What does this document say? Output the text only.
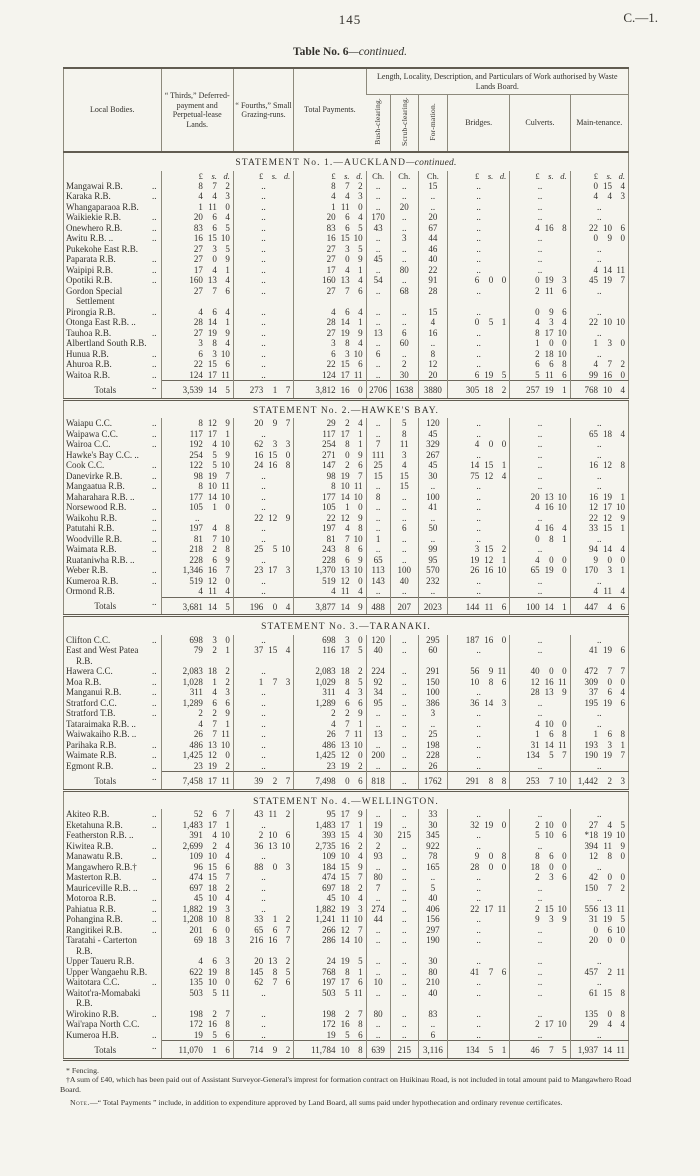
145	C.—1.
Table No. 6—continued.
Local Bodies.	“ Thirds,” Deferred-payment and Perpetual-lease Lands.	“ Fourths,” Small Grazing-runs.	Total Payments.	Length, Locality, Description, and Particulars of Work authorised by Waste Lands Board.					
				Bush-clearing.	Scrub-clearing.	For-mation.	Bridges.	Culverts.	Main-tenance.
STATEMENT No. 1.—AUCKLAND—continued.									

	£ s. d.	£ s. d.	£ s. d.	Ch.	Ch.	Ch.	£ s. d.	£ s. d.	£ s. d.

Mangawai R.B. ..	8 7 2	..	8 7 2	..	..	15	..	..	0 15 4

Karaka R.B. ..	4 4 3	..	4 4 3	..	..	..	..	..	4 4 3

Whangaparaoa R.B.	1 11 0	..	1 11 0	..	20	..	..	..	..

Waikiekie R.B. ..	20 6 4	..	20 6 4	170	..	20	..	..	..

Onewhero R.B. ..	83 6 5	..	83 6 5	43	..	67	..	4 16 8	22 10 6

Awitu R.B. .. ..	16 15 10	..	16 15 10	..	3	44	..	..	0 9 0

Pukekohe East R.B.	27 3 5	..	27 3 5	..	..	46	..	..	..

Paparata R.B. ..	27 0 9	..	27 0 9	45	..	40	..	..	..

Waipipi R.B. ..	17 4 1	..	17 4 1	..	80	22	..	..	4 14 11

Opotiki R.B. ..	160 13 4	..	160 13 4	54	..	91	6 0 0	0 19 3	45 19 7

Gordon Special Settlement	27 7 6	..	27 7 6	..	68	28	..	2 11 6	..

Pirongia R.B. ..	4 6 4	..	4 6 4	..	..	15	..	0 9 6	..

Otonga East R.B. ..	28 14 1	..	28 14 1	..	..	4	0 5 1	4 3 4	22 10 10

Tauhoa R.B. ..	27 19 9	..	27 19 9	13	6	16	..	8 17 10	..

Albertland South R.B.	3 8 4	..	3 8 4	..	60	..	..	1 0 0	1 3 0

Hunua R.B. ..	6 3 10	..	6 3 10	6	..	8	..	2 18 10	..

Ahuroa R.B. ..	22 15 6	..	22 15 6	..	2	12	..	6 6 8	4 7 2

Waitoa R.B. ..	124 17 11	..	124 17 11	..	30	20	6 19 5	5 11 6	99 16 0

Totals ..	3,539 14 5	273 1 7	3,812 16 0	2706	1638	3880	305 18 2	257 19 1	768 10 4

STATEMENT No. 2.—HAWKE'S BAY.									

Waiapu C.C. ..	8 12 9	20 9 7	29 2 4	..	5	120	..	..	..

Waipawa C.C. ..	117 17 1	..	117 17 1	..	8	45	..	..	65 18 4

Wairoa C.C. ..	192 4 10	62 3 3	254 8 1	7	11	329	4 0 0	..	..

Hawke's Bay C.C. ..	254 5 9	16 15 0	271 0 9	111	3	267	..	..	..

Cook C.C. ..	122 5 10	24 16 8	147 2 6	25	4	45	14 15 1	..	16 12 8

Danevirke R.B. ..	98 19 7	..	98 19 7	15	15	30	75 12 4	..	..

Mangaatua R.B. ..	8 10 11	..	8 10 11	..	15	..	..	..	..

Maharahara R.B. ..	177 14 10	..	177 14 10	8	..	100	..	20 13 10	16 19 1

Norsewood R.B. ..	105 1 0	..	105 1 0	..	..	41	..	4 16 10	12 17 10

Waikohu R.B. ..	..	22 12 9	22 12 9	..	..	..	..	..	22 12 9

Patutahi R.B. ..	197 4 8	..	197 4 8	..	6	50	..	4 16 4	33 15 1

Woodville R.B. ..	81 7 10	..	81 7 10	1	..	..	..	0 8 1	..

Waimata R.B. ..	218 2 8	25 5 10	243 8 6	..	..	99	3 15 2	..	94 14 4

Ruataniwha R.B. ..	228 6 9	..	228 6 9	65	..	95	19 12 1	4 0 0	9 0 0

Weber R.B. ..	1,346 16 7	23 17 3	1,370 13 10	113	100	570	26 16 10	65 19 0	170 3 1

Kumeroa R.B. ..	519 12 0	..	519 12 0	143	40	232	..	..	..

Ormond R.B.	4 11 4	..	4 11 4	..	..	..	..	..	4 11 4

Totals ..	3,681 14 5	196 0 4	3,877 14 9	488	207	2023	144 11 6	100 14 1	447 4 6

STATEMENT No. 3.—TARANAKI.									

Clifton C.C. ..	698 3 0	..	698 3 0	120	..	295	187 16 0	..	..

East and West Patea R.B.	79 2 1	37 15 4	116 17 5	40	..	60	..	..	41 19 6

Hawera C.C. ..	2,083 18 2	..	2,083 18 2	224	..	291	56 9 11	40 0 0	472 7 7

Moa R.B. ..	1,028 1 2	1 7 3	1,029 8 5	92	..	150	10 8 6	12 16 11	309 0 0

Manganui R.B. ..	311 4 3	..	311 4 3	34	..	100	..	28 13 9	37 6 4

Stratford C.C. ..	1,289 6 6	..	1,289 6 6	95	..	386	36 14 3	..	195 19 6

Stratford T.B. ..	2 2 9	..	2 2 9	..	..	3	..	..	..

Tataraimaka R.B. ..	4 7 1	..	4 7 1	..	..	..	..	4 10 0	..

Waiwakaiho R.B. ..	26 7 11	..	26 7 11	13	..	25	..	1 6 8	1 6 8

Parihaka R.B. ..	486 13 10	..	486 13 10	..	..	198	..	31 14 11	193 3 1

Waimate R.B. ..	1,425 12 0	..	1,425 12 0	200	..	228	..	134 5 7	190 19 7

Egmont R.B. ..	23 19 2	..	23 19 2	..	..	26	..	..	..

Totals ..	7,458 17 11	39 2 7	7,498 0 6	818	..	1762	291 8 8	253 7 10	1,442 2 3

STATEMENT No. 4.—WELLINGTON.									

Akiteo R.B. ..	52 6 7	43 11 2	95 17 9	..	..	33	..	..	..

Eketahuna R.B. ..	1,483 17 1	..	1,483 17 1	19	..	30	32 19 0	2 10 0	27 4 5

Featherston R.B. ..	391 4 10	2 10 6	393 15 4	30	215	345	..	5 10 6	*18 19 10

Kiwitea R.B. ..	2,699 2 4	36 13 10	2,735 16 2	2	..	922	..	..	394 11 9

Manawatu R.B. ..	109 10 4	..	109 10 4	93	..	78	9 0 8	8 6 0	12 8 0

Mangawhero R.B.†	96 15 6	88 0 3	184 15 9	..	..	165	28 0 0	18 0 0	..

Masterton R.B. ..	474 15 7	..	474 15 7	80	..	..	..	2 3 6	42 0 0

Mauriceville R.B. ..	697 18 2	..	697 18 2	7	..	5	..	..	150 7 2

Motoroa R.B. ..	45 10 4	..	45 10 4	..	..	40	..	..	..

Pahiatua R.B. ..	1,882 19 3	..	1,882 19 3	274	..	406	22 17 11	2 15 10	556 13 11

Pohangina R.B. ..	1,208 10 8	33 1 2	1,241 11 10	44	..	156	..	9 3 9	31 19 5

Rangitikei R.B. ..	201 6 0	65 6 7	266 12 7	..	..	297	..	..	0 6 10

Taratahi - Carterton R.B.	69 18 3	216 16 7	286 14 10	..	..	190	..	..	20 0 0

Upper Taueru R.B.	4 6 3	20 13 2	24 19 5	..	..	30	..	..	..

Upper Wangaehu R.B.	622 19 8	145 8 5	768 8 1	..	..	80	41 7 6	..	457 2 11

Waitotara C.C. ..	135 10 0	62 7 6	197 17 6	10	..	210	..	..	..

Waitot'ra-Momabaki R.B.	503 5 11	..	503 5 11	..	..	40	..	..	61 15 8

Wirokino R.B. ..	198 2 7	..	198 2 7	80	..	83	..	..	135 0 8

Wai'rapa North C.C.	172 16 8	..	172 16 8	..	..	..	..	2 17 10	29 4 4

Kumeroa H.B. ..	19 5 6	..	19 5 6	..	..	6	..	..	..

Totals ..	11,070 1 6	714 9 2	11,784 10 8	639	215	3,116	134 5 1	46 7 5	1,937 14 11

* Fencing.

†A sum of £40, which has been paid out of Assistant Surveyor-General's imprest for formation contract on Huikinau Road, is not included in total amount paid to Mangawhero Road Board.

Note.—“ Total Payments ” include, in addition to expenditure approved by Land Board, all sums paid under hypothecation and ordinary revenue certificates.
